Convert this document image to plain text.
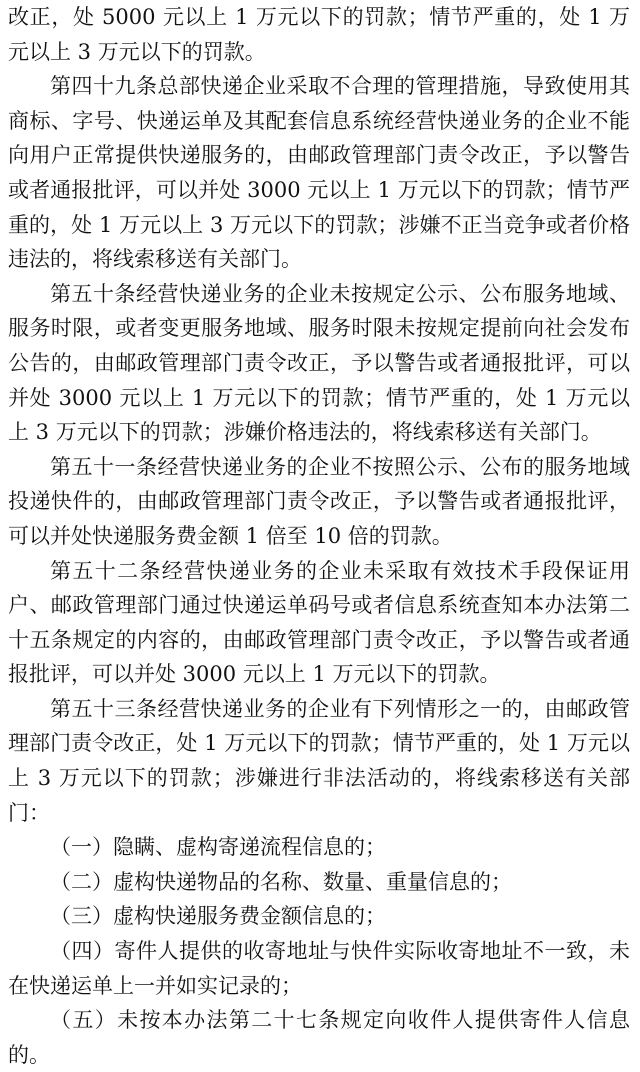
改正，处 5000 元以上 1 万元以下的罚款；情节严重的，处 1 万元以上 3 万元以下的罚款。

第四十九条总部快递企业采取不合理的管理措施，导致使用其商标、字号、快递运单及其配套信息系统经营快递业务的企业不能向用户正常提供快递服务的，由邮政管理部门责令改正，予以警告或者通报批评，可以并处 3000 元以上 1 万元以下的罚款；情节严重的，处 1 万元以上 3 万元以下的罚款；涉嫌不正当竞争或者价格违法的，将线索移送有关部门。

第五十条经营快递业务的企业未按规定公示、公布服务地域、服务时限，或者变更服务地域、服务时限未按规定提前向社会发布公告的，由邮政管理部门责令改正，予以警告或者通报批评，可以并处 3000 元以上 1 万元以下的罚款；情节严重的，处 1 万元以上 3 万元以下的罚款；涉嫌价格违法的，将线索移送有关部门。

第五十一条经营快递业务的企业不按照公示、公布的服务地域投递快件的，由邮政管理部门责令改正，予以警告或者通报批评，可以并处快递服务费金额 1 倍至 10 倍的罚款。

第五十二条经营快递业务的企业未采取有效技术手段保证用户、邮政管理部门通过快递运单码号或者信息系统查知本办法第二十五条规定的内容的，由邮政管理部门责令改正，予以警告或者通报批评，可以并处 3000 元以上 1 万元以下的罚款。

第五十三条经营快递业务的企业有下列情形之一的，由邮政管理部门责令改正，处 1 万元以下的罚款；情节严重的，处 1 万元以上 3 万元以下的罚款；涉嫌进行非法活动的，将线索移送有关部门：

（一）隐瞒、虚构寄递流程信息的；

（二）虚构快递物品的名称、数量、重量信息的；

（三）虚构快递服务费金额信息的；

（四）寄件人提供的收寄地址与快件实际收寄地址不一致，未在快递运单上一并如实记录的；

（五）未按本办法第二十七条规定向收件人提供寄件人信息的。
